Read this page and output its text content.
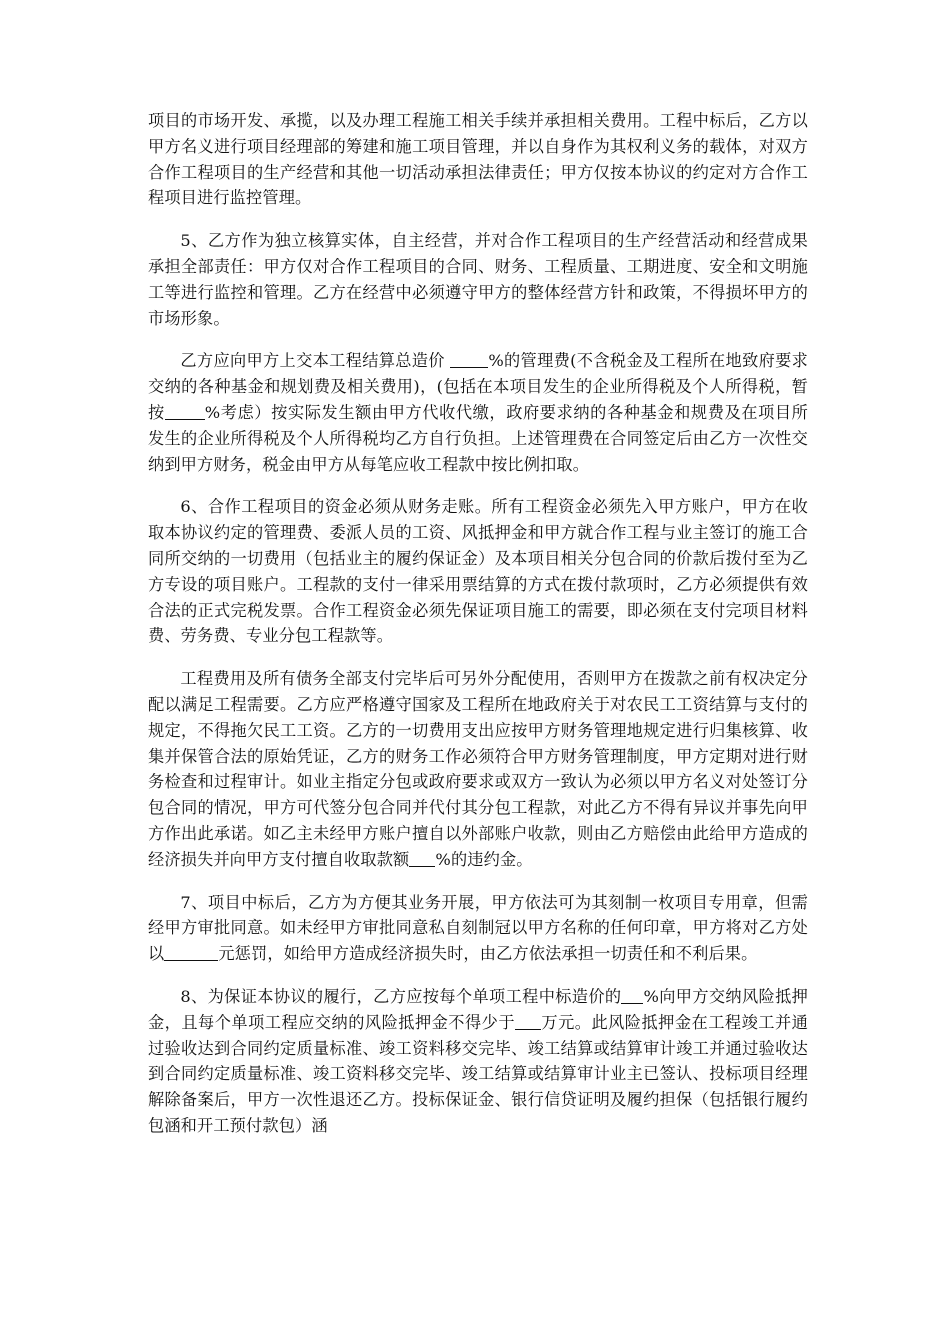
项目的市场开发、承揽，以及办理工程施工相关手续并承担相关费用。工程中标后，乙方以甲方名义进行项目经理部的筹建和施工项目管理，并以自身作为其权利义务的载体，对双方合作工程项目的生产经营和其他一切活动承担法律责任；甲方仅按本协议的约定对方合作工程项目进行监控管理。

5、乙方作为独立核算实体，自主经营，并对合作工程项目的生产经营活动和经营成果承担全部责任：甲方仅对合作工程项目的合同、财务、工程质量、工期进度、安全和文明施工等进行监控和管理。乙方在经营中必须遵守甲方的整体经营方针和政策，不得损坏甲方的市场形象。

乙方应向甲方上交本工程结算总造价 %的管理费(不含税金及工程所在地致府要求交纳的各种基金和规划费及相关费用)，(包括在本项目发生的企业所得税及个人所得税，暂按 %考虑）按实际发生额由甲方代收代缴，政府要求纳的各种基金和规费及在项目所发生的企业所得税及个人所得税均乙方自行负担。上述管理费在合同签定后由乙方一次性交纳到甲方财务，税金由甲方从每笔应收工程款中按比例扣取。

6、合作工程项目的资金必须从财务走账。所有工程资金必须先入甲方账户，甲方在收取本协议约定的管理费、委派人员的工资、风抵押金和甲方就合作工程与业主签订的施工合同所交纳的一切费用（包括业主的履约保证金）及本项目相关分包合同的价款后拨付至为乙方专设的项目账户。工程款的支付一律采用票结算的方式在拨付款项时，乙方必须提供有效合法的正式完税发票。合作工程资金必须先保证项目施工的需要，即必须在支付完项目材料费、劳务费、专业分包工程款等。

工程费用及所有债务全部支付完毕后可另外分配使用，否则甲方在拨款之前有权决定分配以满足工程需要。乙方应严格遵守国家及工程所在地政府关于对农民工工资结算与支付的规定，不得拖欠民工工资。乙方的一切费用支出应按甲方财务管理地规定进行归集核算、收集并保管合法的原始凭证，乙方的财务工作必须符合甲方财务管理制度，甲方定期对进行财务检查和过程审计。如业主指定分包或政府要求或双方一致认为必须以甲方名义对处签订分包合同的情况，甲方可代签分包合同并代付其分包工程款，对此乙方不得有异议并事先向甲方作出此承诺。如乙主未经甲方账户擅自以外部账户收款，则由乙方赔偿由此给甲方造成的经济损失并向甲方支付擅自收取款额 %的违约金。

7、项目中标后，乙方为方便其业务开展，甲方依法可为其刻制一枚项目专用章，但需经甲方审批同意。如未经甲方审批同意私自刻制冠以甲方名称的任何印章，甲方将对乙方处以	元惩罚，如给甲方造成经济损失时，由乙方依法承担一切责任和不利后果。

8、为保证本协议的履行，乙方应按每个单项工程中标造价的 %向甲方交纳风险抵押金，且每个单项工程应交纳的风险抵押金不得少于 万元。此风险抵押金在工程竣工并通过验收达到合同约定质量标准、竣工资料移交完毕、竣工结算或结算审计竣工并通过验收达到合同约定质量标准、竣工资料移交完毕、竣工结算或结算审计业主已签认、投标项目经理解除备案后，甲方一次性退还乙方。投标保证金、银行信贷证明及履约担保（包括银行履约包涵和开工预付款包）涵
